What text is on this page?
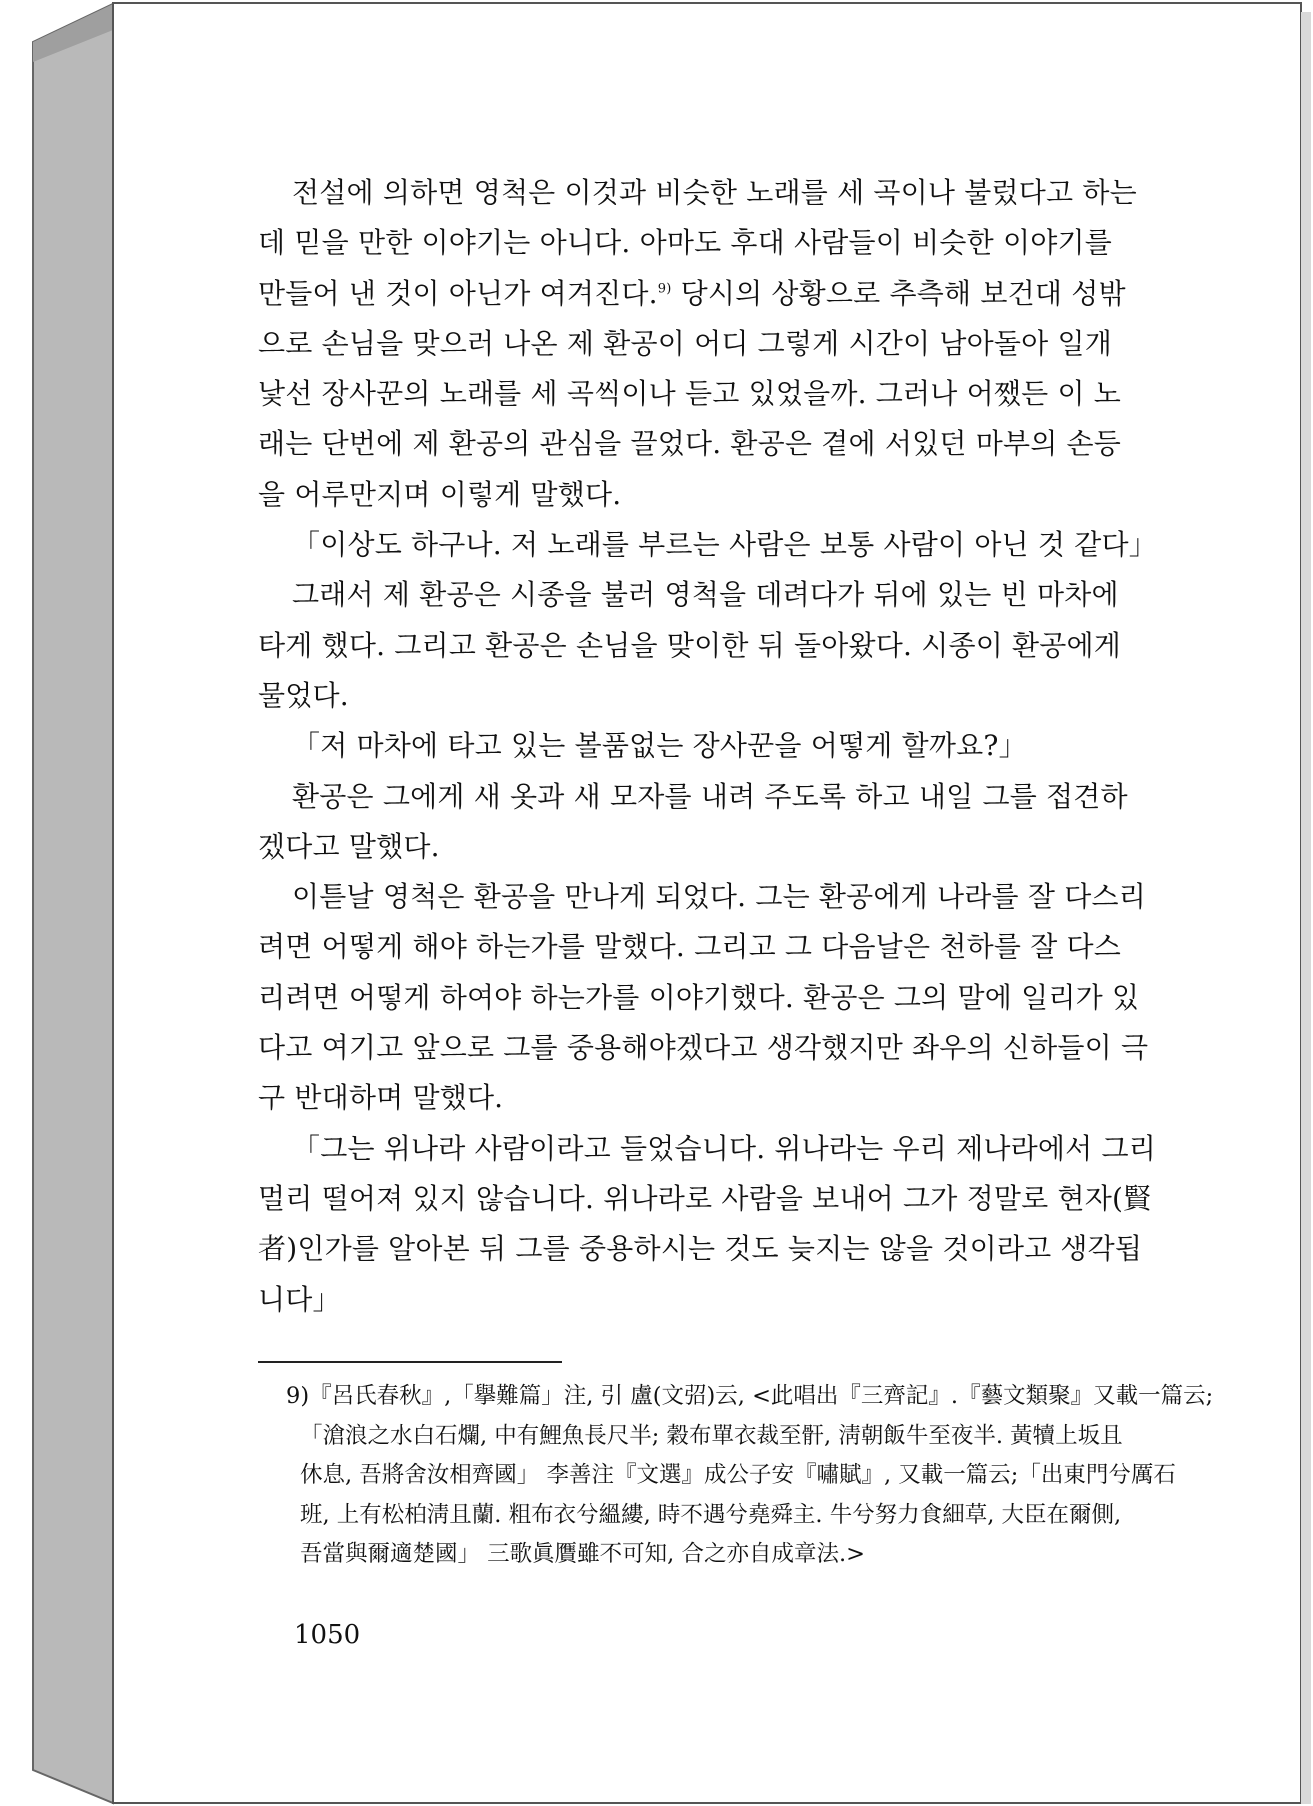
전설에 의하면 영척은 이것과 비슷한 노래를 세 곡이나 불렀다고 하는
데 믿을 만한 이야기는 아니다. 아마도 후대 사람들이 비슷한 이야기를
만들어 낸 것이 아닌가 여겨진다.$^{9)}$ 당시의 상황으로 추측해 보건대 성밖
으로 손님을 맞으러 나온 제 환공이 어디 그렇게 시간이 남아돌아 일개
낯선 장사꾼의 노래를 세 곡씩이나 듣고 있었을까. 그러나 어쨌든 이 노
래는 단번에 제 환공의 관심을 끌었다. 환공은 곁에 서있던 마부의 손등
을 어루만지며 이렇게 말했다.
「이상도 하구나. 저 노래를 부르는 사람은 보통 사람이 아닌 것 같다」
그래서 제 환공은 시종을 불러 영척을 데려다가 뒤에 있는 빈 마차에
타게 했다. 그리고 환공은 손님을 맞이한 뒤 돌아왔다. 시종이 환공에게
물었다.
「저 마차에 타고 있는 볼품없는 장사꾼을 어떻게 할까요?」
환공은 그에게 새 옷과 새 모자를 내려 주도록 하고 내일 그를 접견하
겠다고 말했다.
이튿날 영척은 환공을 만나게 되었다. 그는 환공에게 나라를 잘 다스리
려면 어떻게 해야 하는가를 말했다. 그리고 그 다음날은 천하를 잘 다스
리려면 어떻게 하여야 하는가를 이야기했다. 환공은 그의 말에 일리가 있
다고 여기고 앞으로 그를 중용해야겠다고 생각했지만 좌우의 신하들이 극
구 반대하며 말했다.
「그는 위나라 사람이라고 들었습니다. 위나라는 우리 제나라에서 그리
멀리 떨어져 있지 않습니다. 위나라로 사람을 보내어 그가 정말로 현자(賢
者)인가를 알아본 뒤 그를 중용하시는 것도 늦지는 않을 것이라고 생각됩
니다」
9)『呂氏春秋』,「擧難篇」注, 引 盧(文弨)云, <此唱出『三齊記』.『藝文類聚』又載一篇云;
「滄浪之水白石爛, 中有鯉魚長尺半; 穀布單衣裁至骭, 淸朝飯牛至夜半. 黃犢上坂且
休息, 吾將舍汝相齊國」 李善注『文選』成公子安『嘯賦』, 又載一篇云;「出東門兮厲石
班, 上有松柏淸且蘭. 粗布衣兮縕縷, 時不遇兮堯舜主. 牛兮努力食細草, 大臣在爾側,
吾當與爾適楚國」 三歌眞贋雖不可知, 合之亦自成章法.>
1050
